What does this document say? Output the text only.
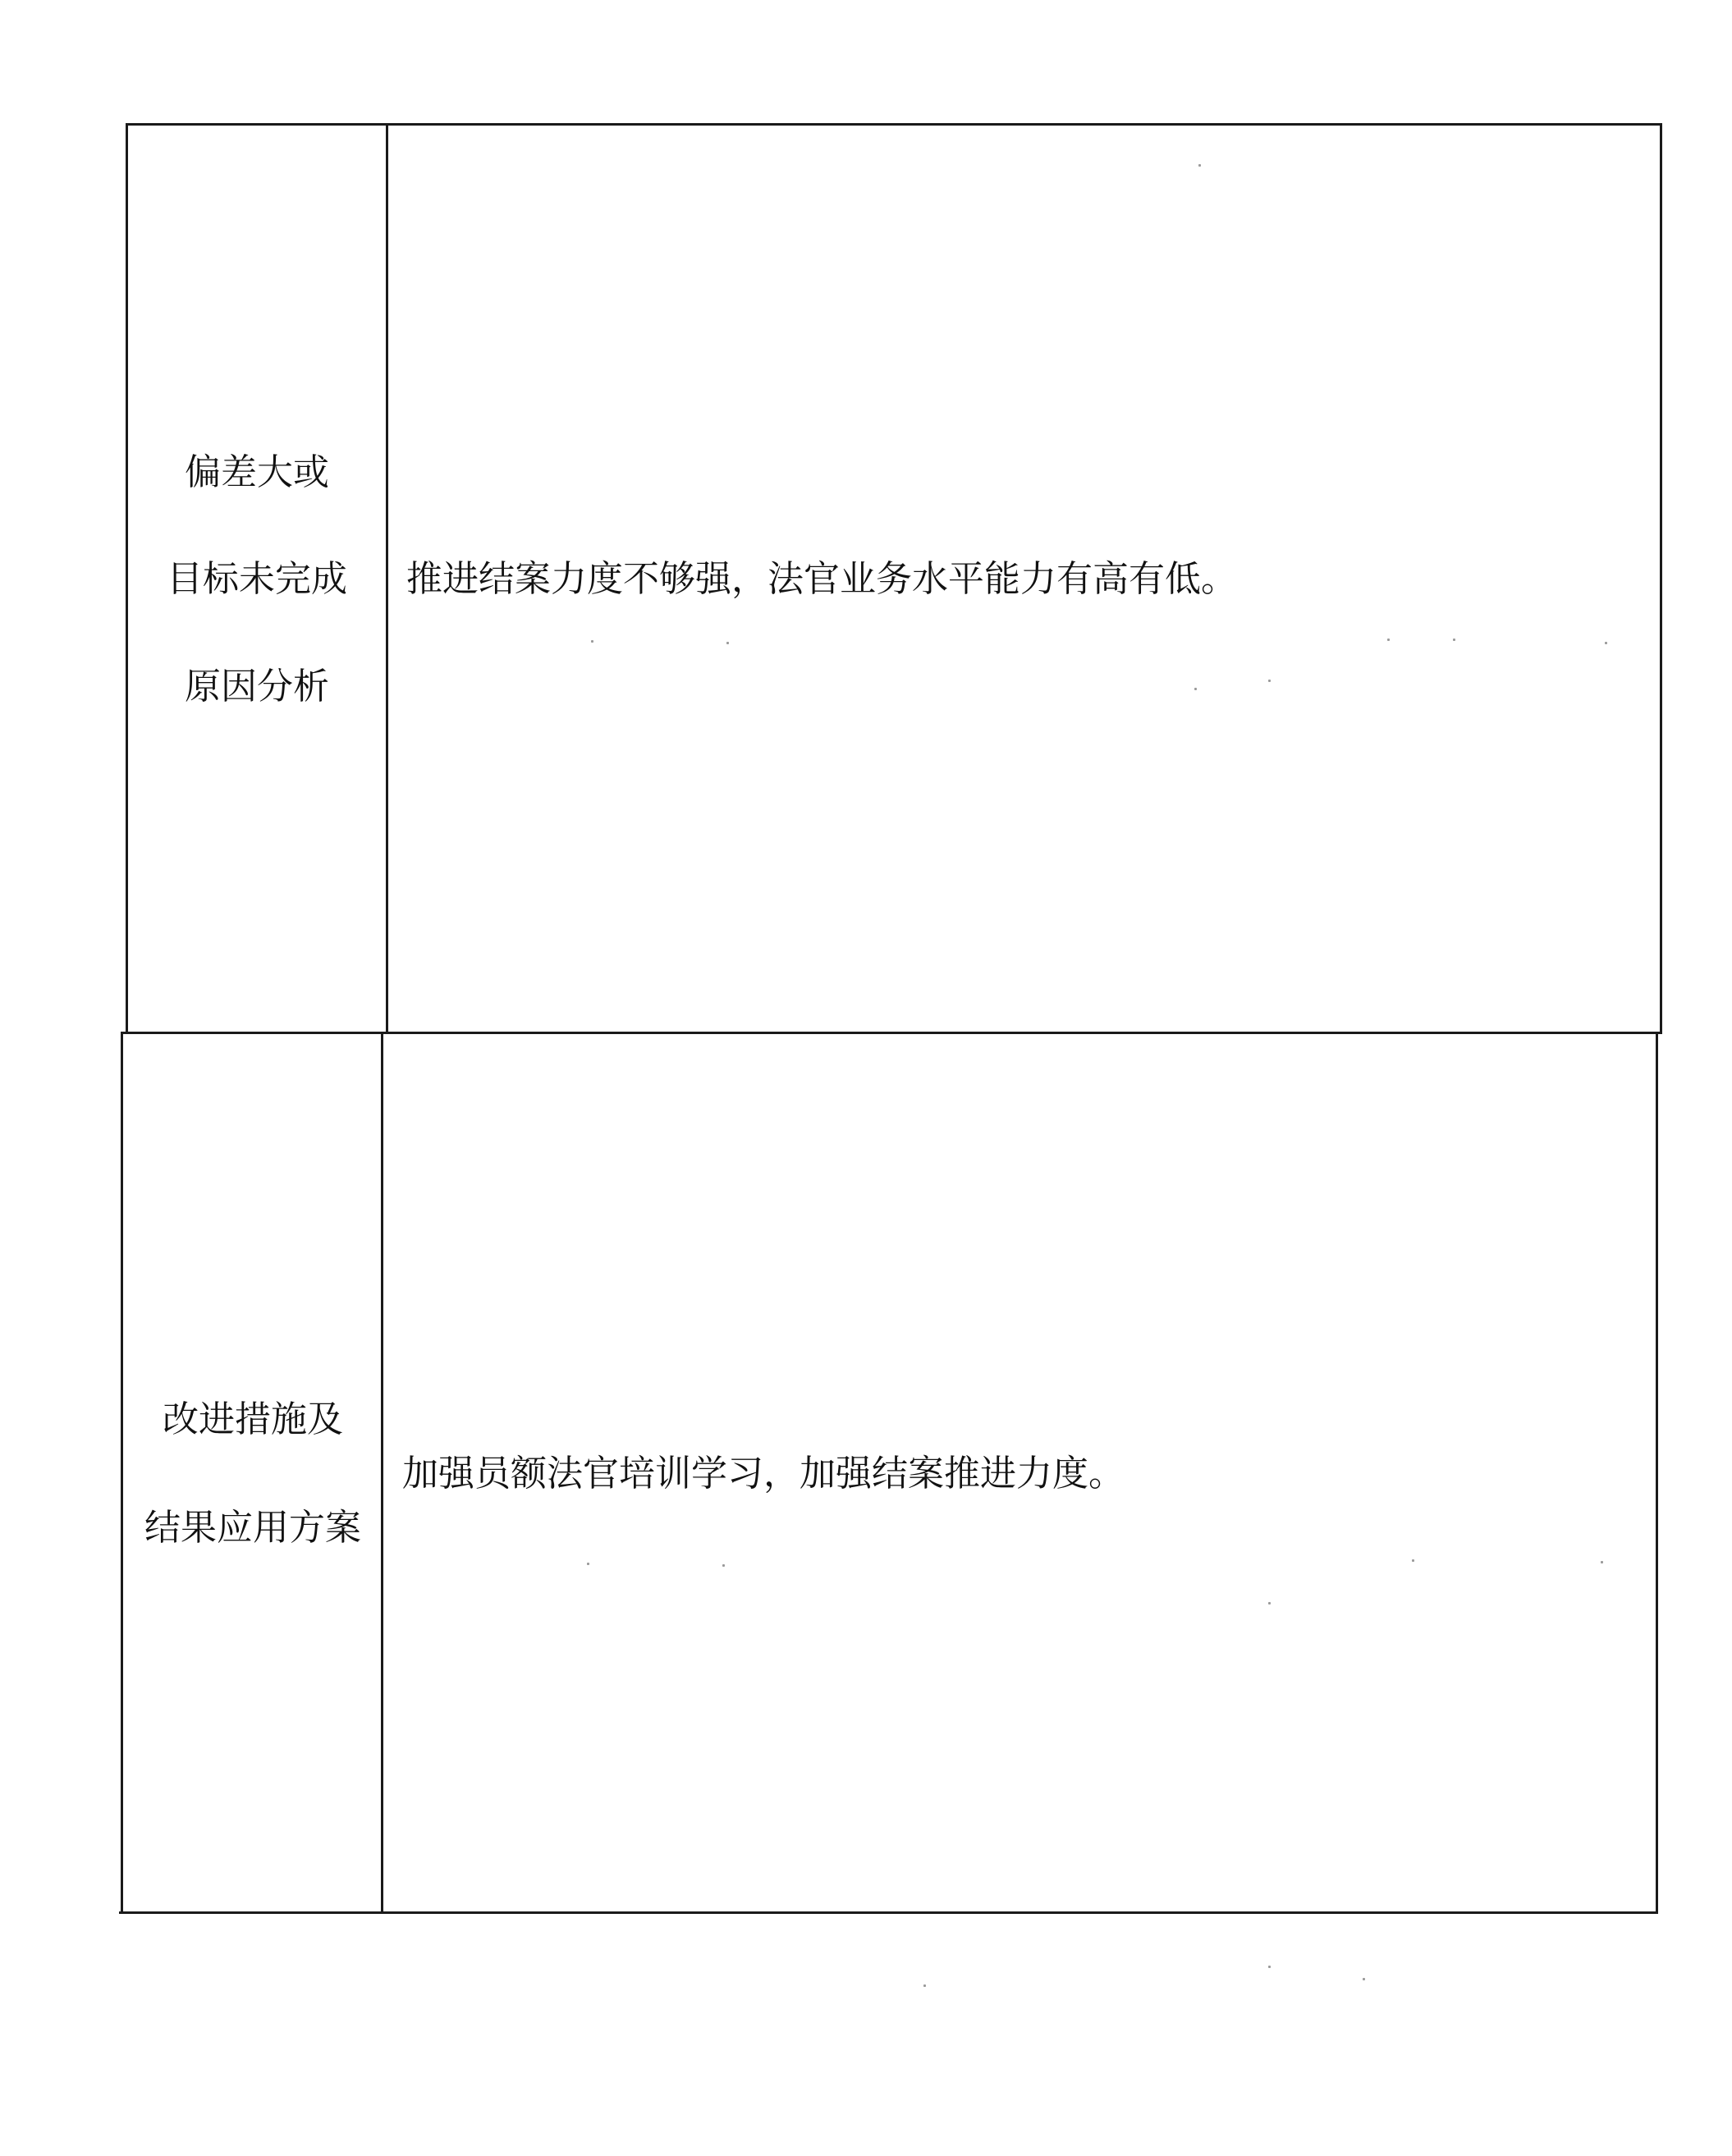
偏差大或
目标未完成
原因分析
推进结案力度不够强，法官业务水平能力有高有低。
改进措施及
结果应用方案
加强员额法官培训学习，加强结案推进力度。
